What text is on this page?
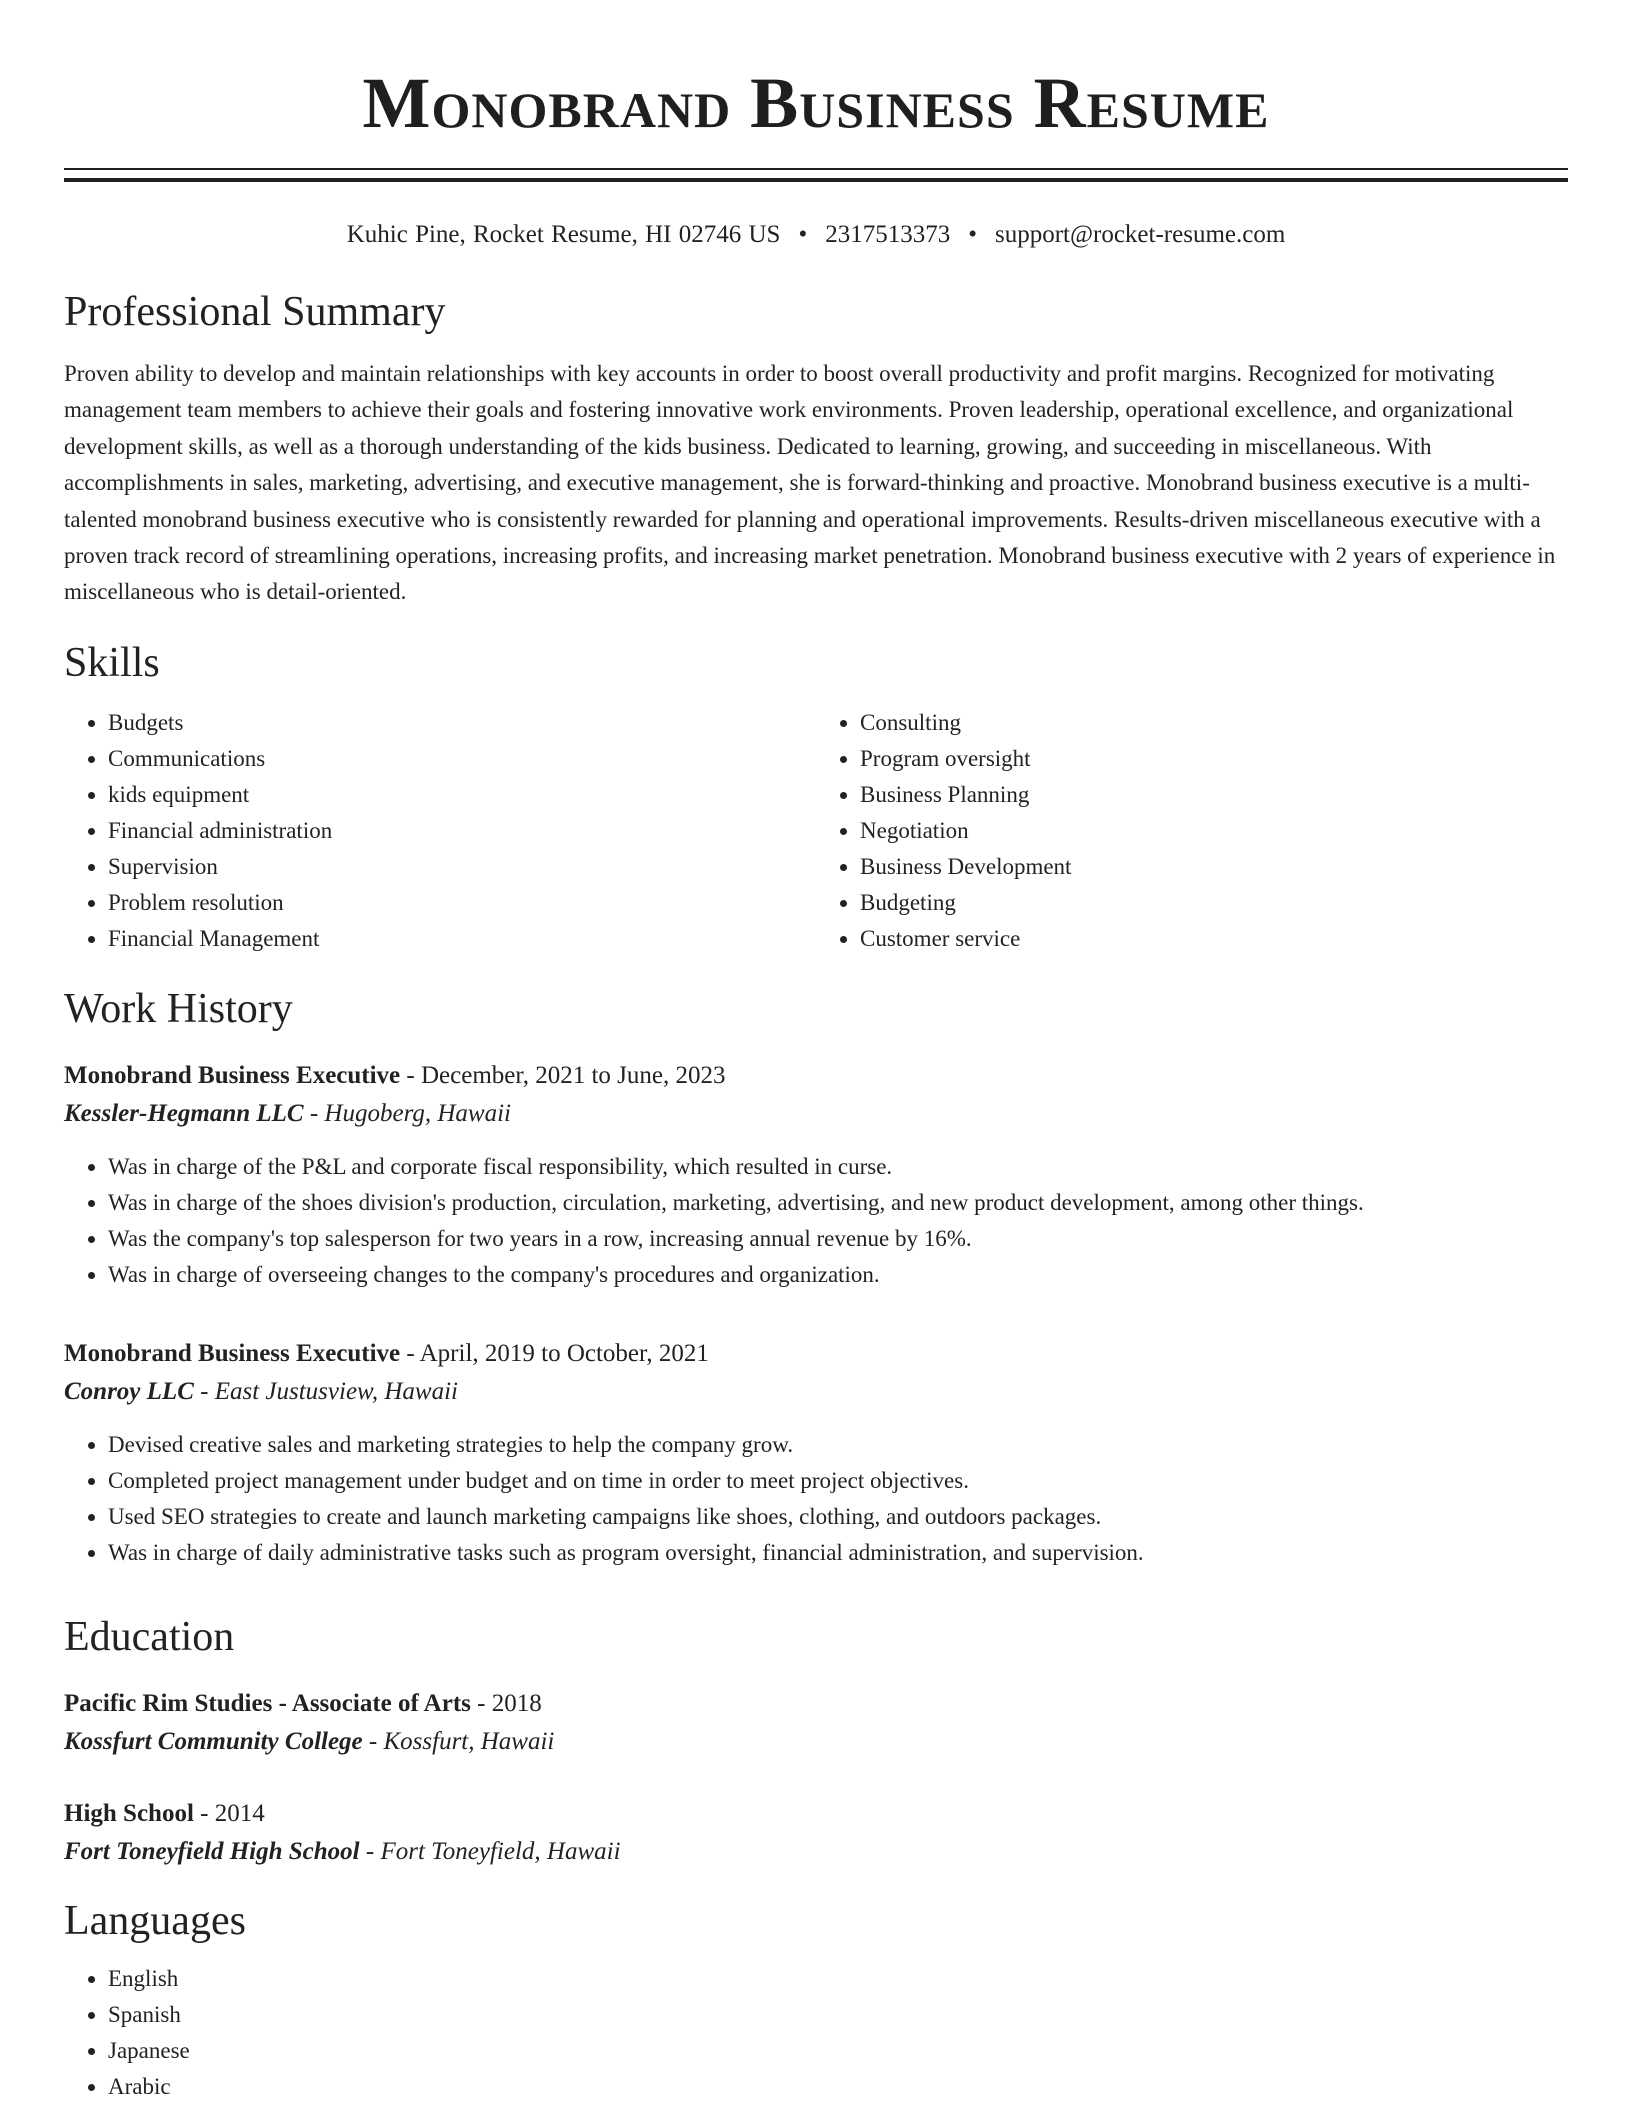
Monobrand Business Resume
Kuhic Pine, Rocket Resume, HI 02746 US • 2317513373 • support@rocket-resume.com
Professional Summary

Proven ability to develop and maintain relationships with key accounts in order to boost overall productivity and profit margins. Recognized for motivating management team members to achieve their goals and fostering innovative work environments. Proven leadership, operational excellence, and organizational development skills, as well as a thorough understanding of the kids business. Dedicated to learning, growing, and succeeding in miscellaneous. With accomplishments in sales, marketing, advertising, and executive management, she is forward-thinking and proactive. Monobrand business executive is a multi-talented monobrand business executive who is consistently rewarded for planning and operational improvements. Results-driven miscellaneous executive with a proven track record of streamlining operations, increasing profits, and increasing market penetration. Monobrand business executive with 2 years of experience in miscellaneous who is detail-oriented.

Skills
• Budgets
• Communications
• kids equipment
• Financial administration
• Supervision
• Problem resolution
• Financial Management
• Consulting
• Program oversight
• Business Planning
• Negotiation
• Business Development
• Budgeting
• Customer service
Work History
Monobrand Business Executive - December, 2021 to June, 2023
Kessler-Hegmann LLC - Hugoberg, Hawaii
• Was in charge of the P&L and corporate fiscal responsibility, which resulted in curse.
• Was in charge of the shoes division's production, circulation, marketing, advertising, and new product development, among other things.
• Was the company's top salesperson for two years in a row, increasing annual revenue by 16%.
• Was in charge of overseeing changes to the company's procedures and organization.
Monobrand Business Executive - April, 2019 to October, 2021
Conroy LLC - East Justusview, Hawaii
• Devised creative sales and marketing strategies to help the company grow.
• Completed project management under budget and on time in order to meet project objectives.
• Used SEO strategies to create and launch marketing campaigns like shoes, clothing, and outdoors packages.
• Was in charge of daily administrative tasks such as program oversight, financial administration, and supervision.
Education
Pacific Rim Studies - Associate of Arts - 2018
Kossfurt Community College - Kossfurt, Hawaii
High School - 2014
Fort Toneyfield High School - Fort Toneyfield, Hawaii
Languages
• English
• Spanish
• Japanese
• Arabic
